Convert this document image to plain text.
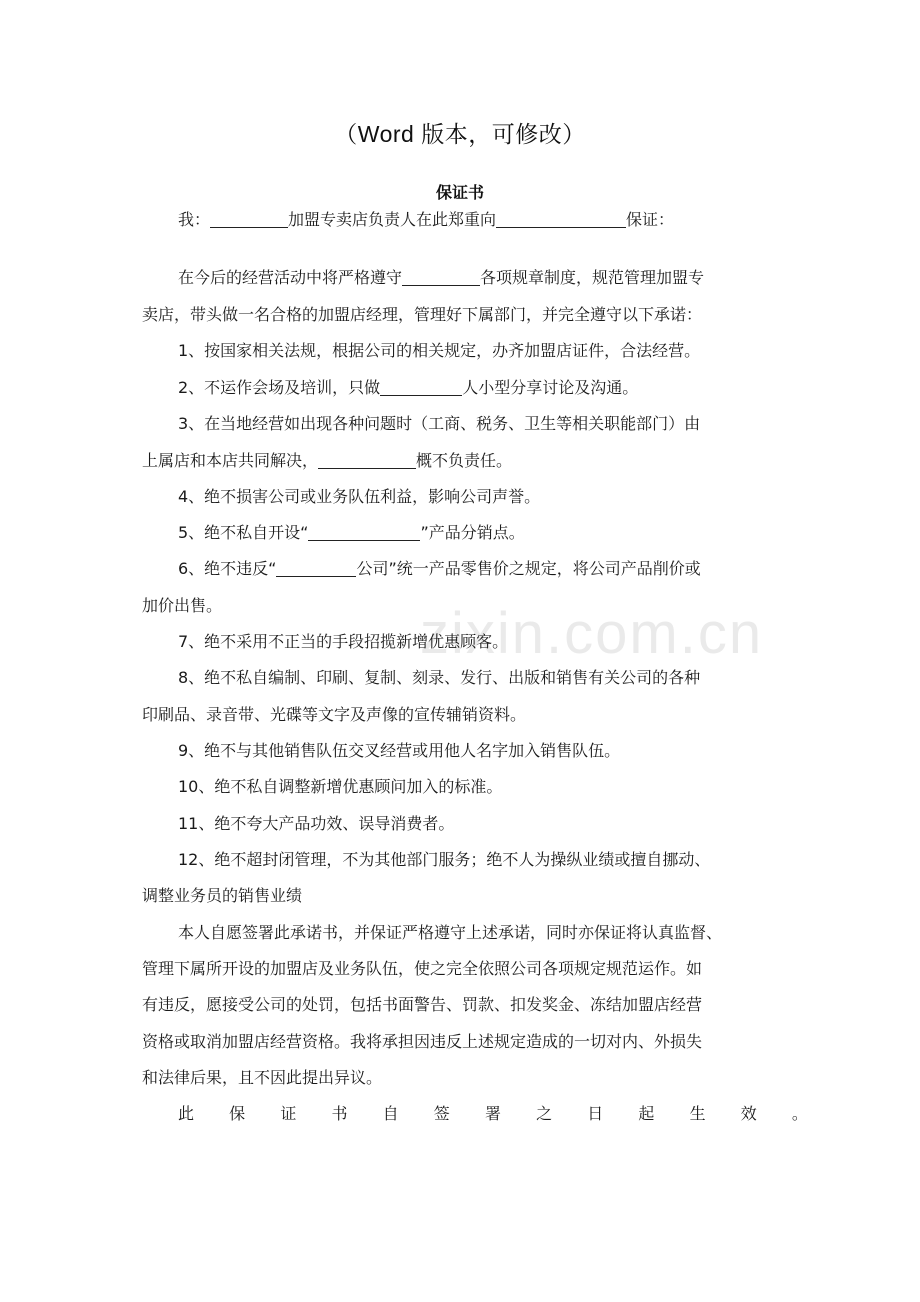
zixin.com.cn
（Word 版本，可修改）
保证书
我：	加盟专卖店负责人在此郑重向	保证：
在今后的经营活动中将严格遵守	各项规章制度，规范管理加盟专
卖店，带头做一名合格的加盟店经理，管理好下属部门，并完全遵守以下承诺：
1、按国家相关法规，根据公司的相关规定，办齐加盟店证件，合法经营。
2、不运作会场及培训，只做	人小型分享讨论及沟通。
3、在当地经营如出现各种问题时（工商、税务、卫生等相关职能部门）由
上属店和本店共同解决，	概不负责任。
4、绝不损害公司或业务队伍利益，影响公司声誉。
5、绝不私自开设“	”产品分销点。
6、绝不违反“	公司”统一产品零售价之规定，将公司产品削价或
加价出售。
7、绝不采用不正当的手段招揽新增优惠顾客。
8、绝不私自编制、印刷、复制、刻录、发行、出版和销售有关公司的各种
印刷品、录音带、光碟等文字及声像的宣传辅销资料。
9、绝不与其他销售队伍交叉经营或用他人名字加入销售队伍。
10、绝不私自调整新增优惠顾问加入的标准。
11、绝不夸大产品功效、误导消费者。
12、绝不超封闭管理，不为其他部门服务；绝不人为操纵业绩或擅自挪动、
调整业务员的销售业绩
本人自愿签署此承诺书，并保证严格遵守上述承诺，同时亦保证将认真监督、
管理下属所开设的加盟店及业务队伍，使之完全依照公司各项规定规范运作。如
有违反，愿接受公司的处罚，包括书面警告、罚款、扣发奖金、冻结加盟店经营
资格或取消加盟店经营资格。我将承担因违反上述规定造成的一切对内、外损失
和法律后果，且不因此提出异议。
此 保 证 书 自 签 署 之 日 起 生 效 。
